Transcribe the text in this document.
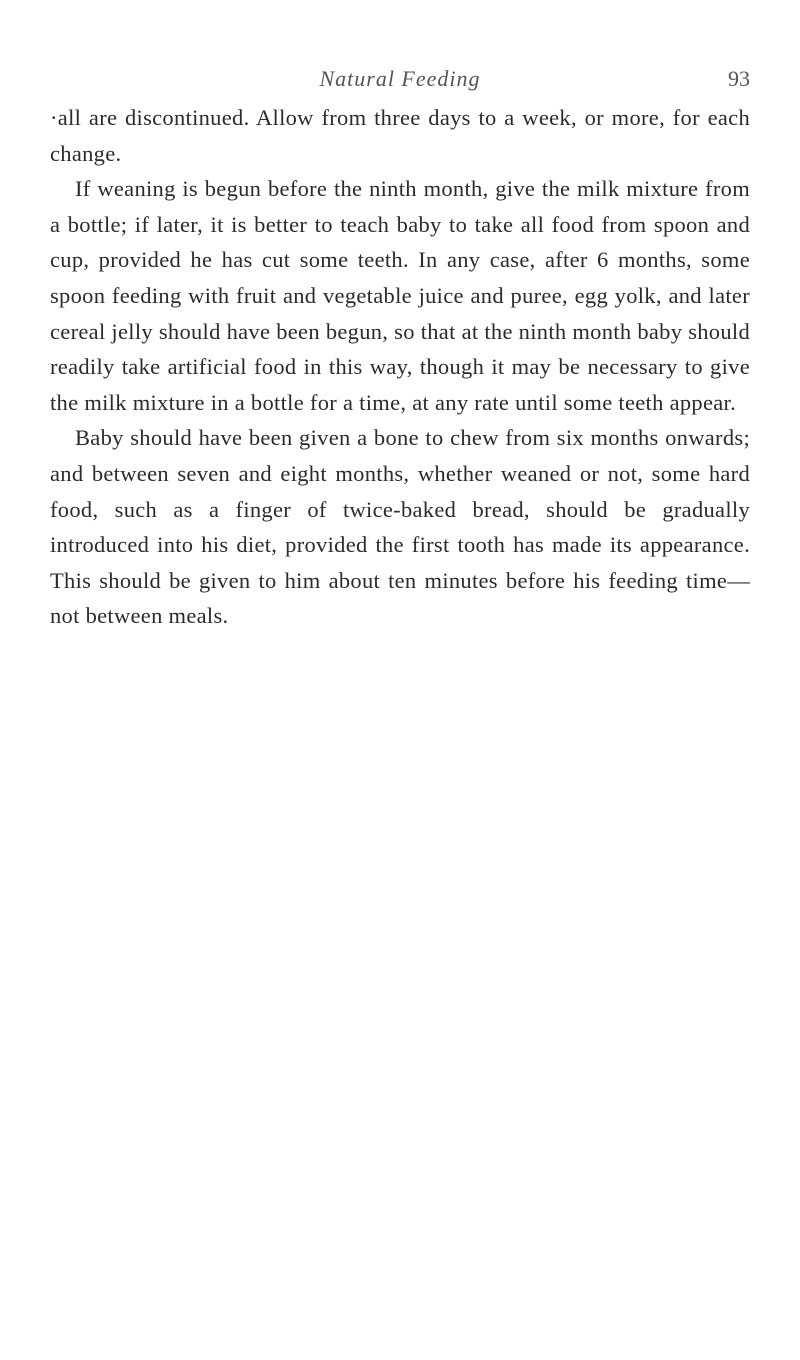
Natural Feeding	93

·all are discontinued. Allow from three days to a week, or more, for each change.

If weaning is begun before the ninth month, give the milk mixture from a bottle; if later, it is better to teach baby to take all food from spoon and cup, provided he has cut some teeth. In any case, after 6 months, some spoon feeding with fruit and vegetable juice and puree, egg yolk, and later cereal jelly should have been begun, so that at the ninth month baby should readily take artificial food in this way, though it may be necessary to give the milk mixture in a bottle for a time, at any rate until some teeth appear.

Baby should have been given a bone to chew from six months onwards; and between seven and eight months, whether weaned or not, some hard food, such as a finger of twice-baked bread, should be gradually introduced into his diet, provided the first tooth has made its appearance. This should be given to him about ten minutes before his feeding time—not between meals.
